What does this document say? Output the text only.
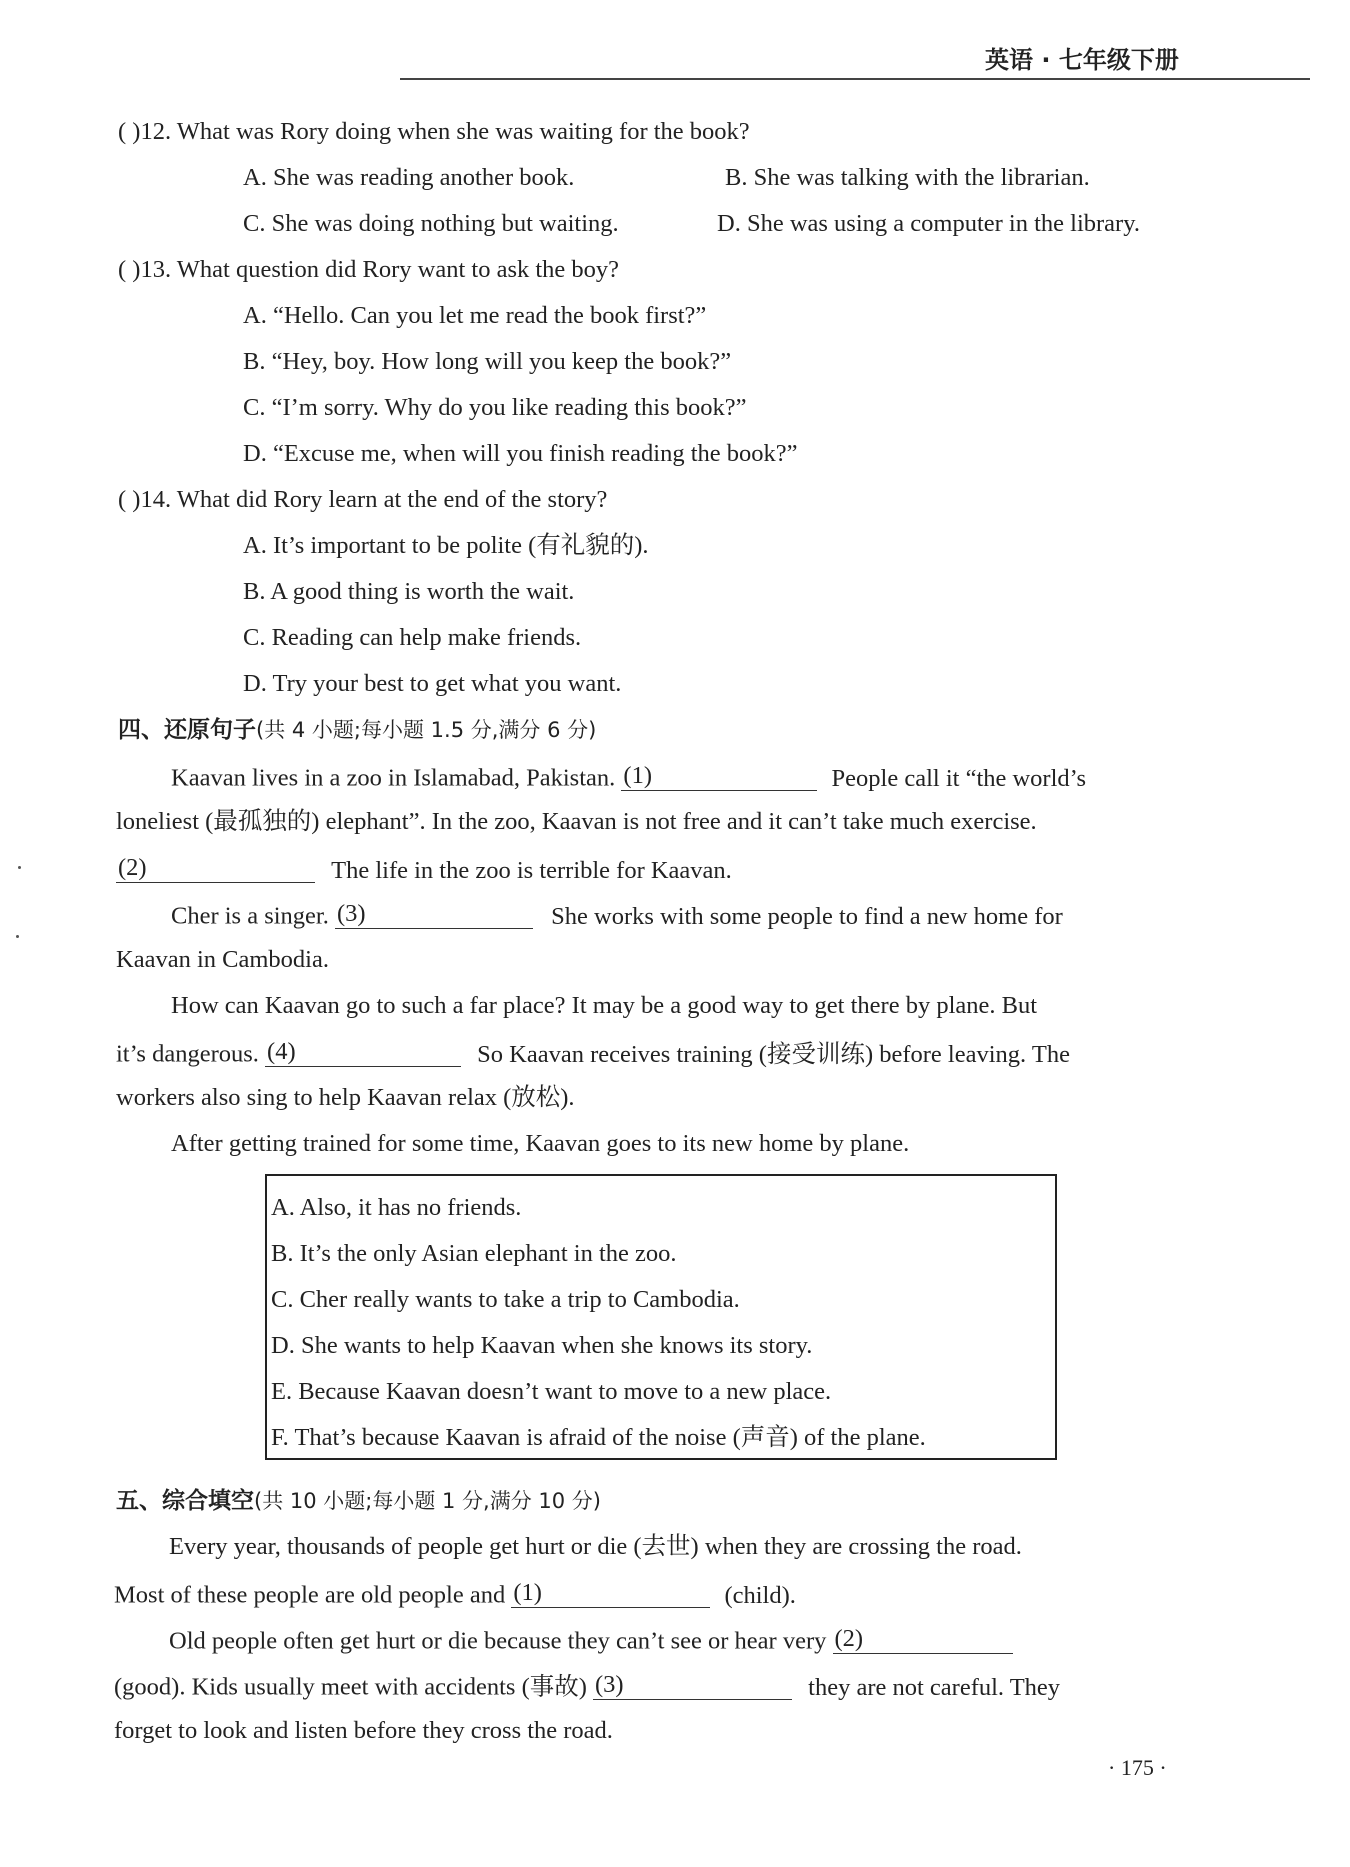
英语 · 七年级下册
( )12. What was Rory doing when she was waiting for the book?
A. She was reading another book.	B. She was talking with the librarian.
C. She was doing nothing but waiting.	D. She was using a computer in the library.
( )13. What question did Rory want to ask the boy?
A. “Hello. Can you let me read the book first?”
B. “Hey, boy. How long will you keep the book?”
C. “I’m sorry. Why do you like reading this book?”
D. “Excuse me, when will you finish reading the book?”
( )14. What did Rory learn at the end of the story?
A. It’s important to be polite (有礼貌的).
B. A good thing is worth the wait.
C. Reading can help make friends.
D. Try your best to get what you want.
四、还原句子(共 4 小题;每小题 1.5 分,满分 6 分)
Kaavan lives in a zoo in Islamabad, Pakistan. (1)	People call it “the world’s
loneliest (最孤独的) elephant”. In the zoo, Kaavan is not free and it can’t take much exercise.
(2)	The life in the zoo is terrible for Kaavan.
Cher is a singer. (3)	She works with some people to find a new home for
Kaavan in Cambodia.
How can Kaavan go to such a far place? It may be a good way to get there by plane. But
it’s dangerous. (4)	So Kaavan receives training (接受训练) before leaving. The
workers also sing to help Kaavan relax (放松).
After getting trained for some time, Kaavan goes to its new home by plane.
A. Also, it has no friends.
B. It’s the only Asian elephant in the zoo.
C. Cher really wants to take a trip to Cambodia.
D. She wants to help Kaavan when she knows its story.
E. Because Kaavan doesn’t want to move to a new place.
F. That’s because Kaavan is afraid of the noise (声音) of the plane.
五、综合填空(共 10 小题;每小题 1 分,满分 10 分)
Every year, thousands of people get hurt or die (去世) when they are crossing the road.
Most of these people are old people and (1)	(child).
Old people often get hurt or die because they can’t see or hear very (2)
(good). Kids usually meet with accidents (事故) (3)	they are not careful. They
forget to look and listen before they cross the road.
· 175 ·
